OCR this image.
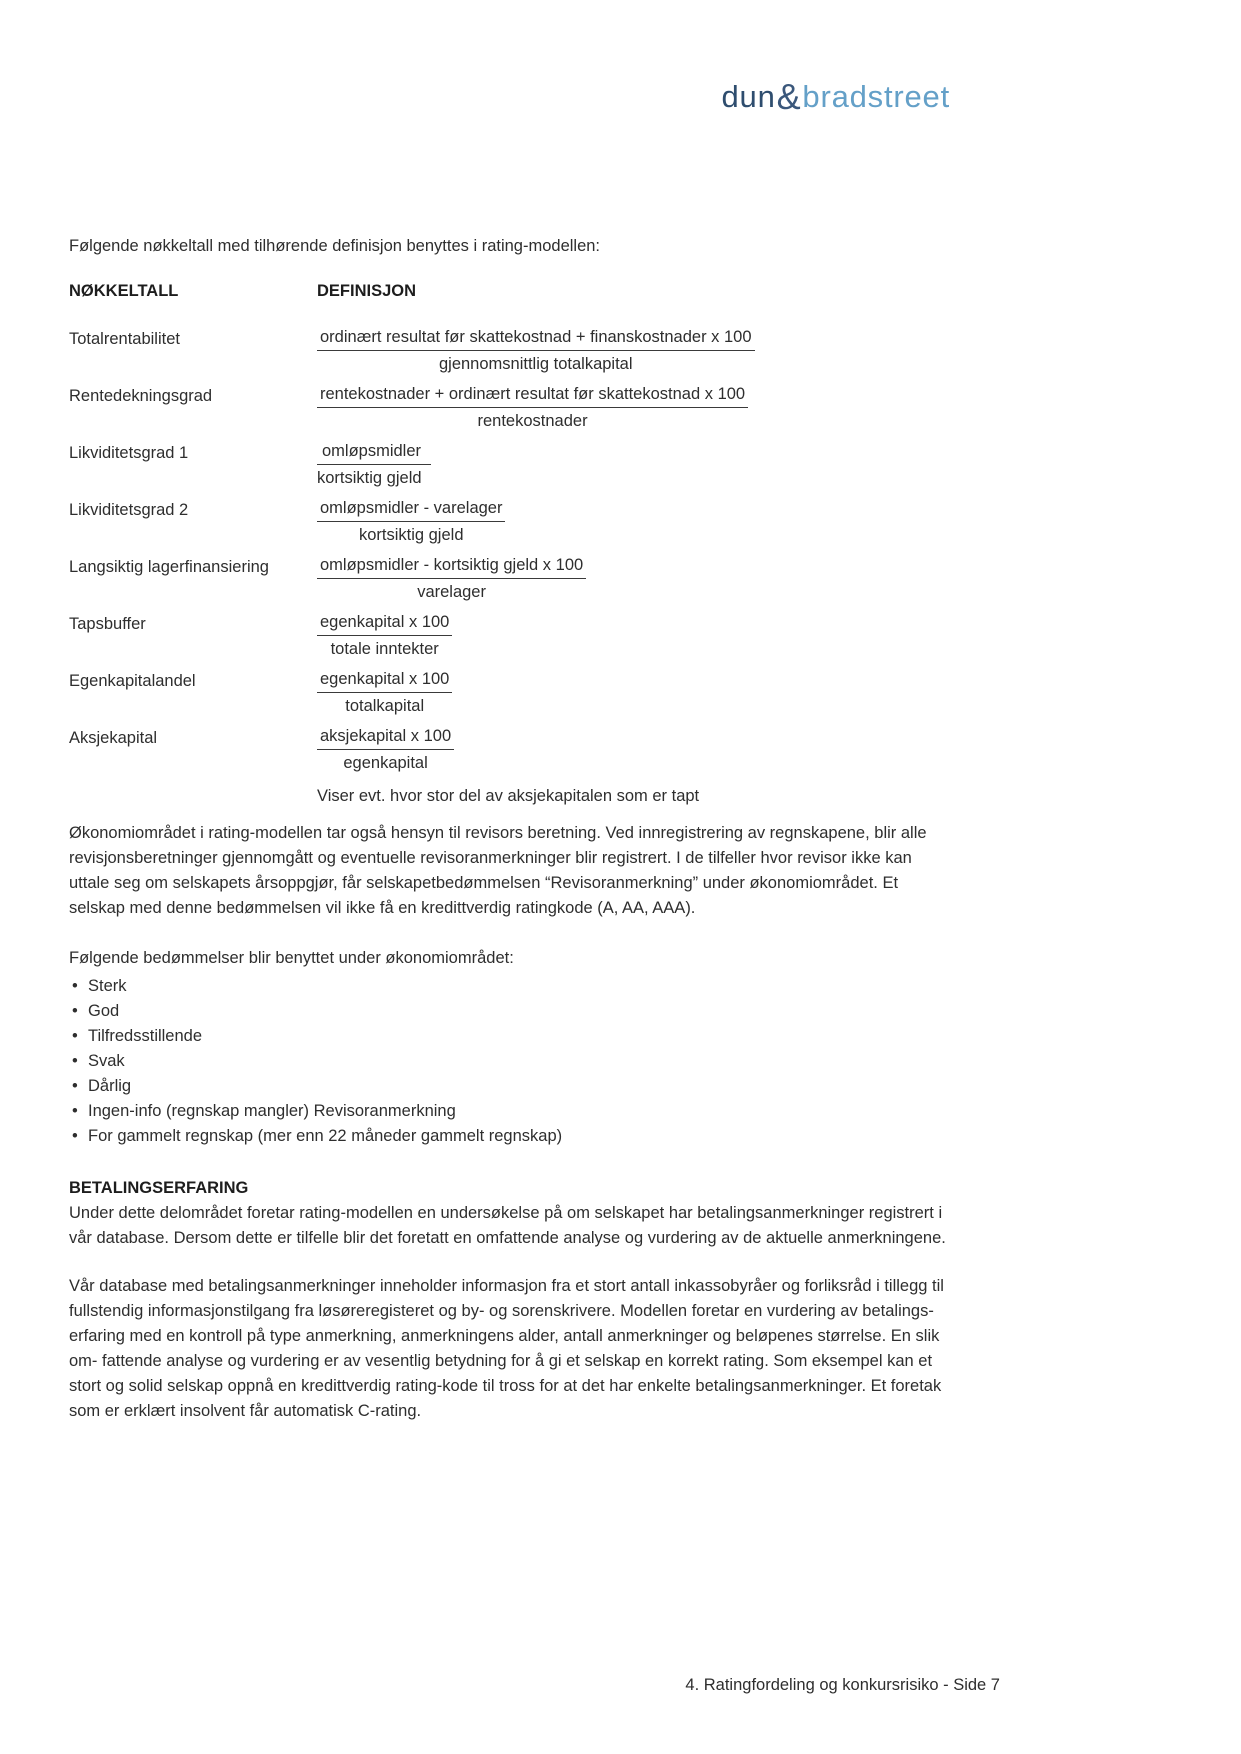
dun&bradstreet
Følgende nøkkeltall med tilhørende definisjon benyttes i rating-modellen:
NØKKELTALL	DEFINISJON
Totalrentabilitet	$\frac{\text{ordinært resultat før skattekostnad + finanskostnader x 100}}{\text{gjennomsnittlig totalkapital}}$
Rentedekningsgrad	$\frac{\text{rentekostnader + ordinært resultat før skattekostnad x 100}}{\text{rentekostnader}}$
Likviditetsgrad 1	$\frac{\text{omløpsmidler}}{\text{kortsiktig gjeld}}$
Likviditetsgrad 2	$\frac{\text{omløpsmidler - varelager}}{\text{kortsiktig gjeld}}$
Langsiktig lagerfinansiering	$\frac{\text{omløpsmidler - kortsiktig gjeld x 100}}{\text{varelager}}$
Tapsbuffer	$\frac{\text{egenkapital x 100}}{\text{totale inntekter}}$
Egenkapitalandel	$\frac{\text{egenkapital x 100}}{\text{totalkapital}}$
Aksjekapital	$\frac{\text{aksjekapital x 100}}{\text{egenkapital}}$
Viser evt. hvor stor del av aksjekapitalen som er tapt
Økonomiområdet i rating-modellen tar også hensyn til revisors beretning. Ved innregistrering av regnskapene, blir alle revisjonsberetninger gjennomgått og eventuelle revisoranmerkninger blir registrert. I de tilfeller hvor revisor ikke kan uttale seg om selskapets årsoppgjør, får selskapetbedømmelsen “Revisoranmerkning” under økonomiområdet. Et selskap med denne bedømmelsen vil ikke få en kredittverdig ratingkode (A, AA, AAA).
Følgende bedømmelser blir benyttet under økonomiområdet:
• Sterk
• God
• Tilfredsstillende
• Svak
• Dårlig
• Ingen-info (regnskap mangler) Revisoranmerkning
• For gammelt regnskap (mer enn 22 måneder gammelt regnskap)
BETALINGSERFARING

Under dette delområdet foretar rating-modellen en undersøkelse på om selskapet har betalingsanmerkninger registrert i vår database. Dersom dette er tilfelle blir det foretatt en omfattende analyse og vurdering av de aktuelle anmerkningene.

Vår database med betalingsanmerkninger inneholder informasjon fra et stort antall inkassobyråer og forliksråd i tillegg til fullstendig informasjonstilgang fra løsøreregisteret og by- og sorenskrivere. Modellen foretar en vurdering av betalings- erfaring med en kontroll på type anmerkning, anmerkningens alder, antall anmerkninger og beløpenes størrelse. En slik om- fattende analyse og vurdering er av vesentlig betydning for å gi et selskap en korrekt rating. Som eksempel kan et stort og solid selskap oppnå en kredittverdig rating-kode til tross for at det har enkelte betalingsanmerkninger. Et foretak som er erklært insolvent får automatisk C-rating.

4. Ratingfordeling og konkursrisiko - Side 7
